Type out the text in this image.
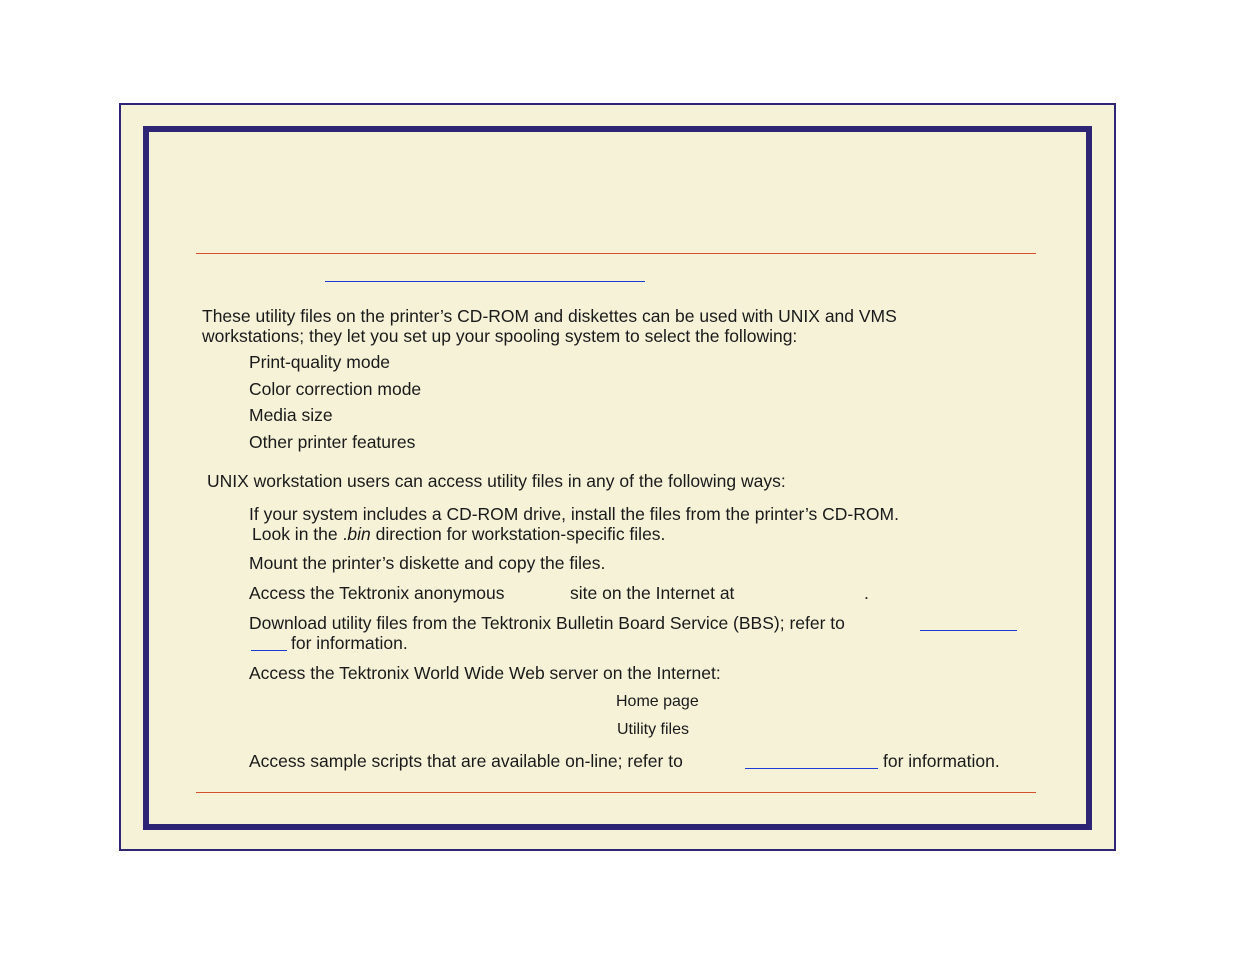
These utility files on the printer’s CD-ROM and diskettes can be used with UNIX and VMS
workstations; they let you set up your spooling system to select the following:
Print-quality mode
Color correction mode
Media size
Other printer features
UNIX workstation users can access utility files in any of the following ways:
If your system includes a CD-ROM drive, install the files from the printer’s CD-ROM.
Look in the .bin direction for workstation-specific files.
Mount the printer’s diskette and copy the files.
Access the Tektronix anonymous	site on the Internet at	.
Download utility files from the Tektronix Bulletin Board Service (BBS); refer to
for information.
Access the Tektronix World Wide Web server on the Internet:
Home page
Utility files
Access sample scripts that are available on-line; refer to	for information.
